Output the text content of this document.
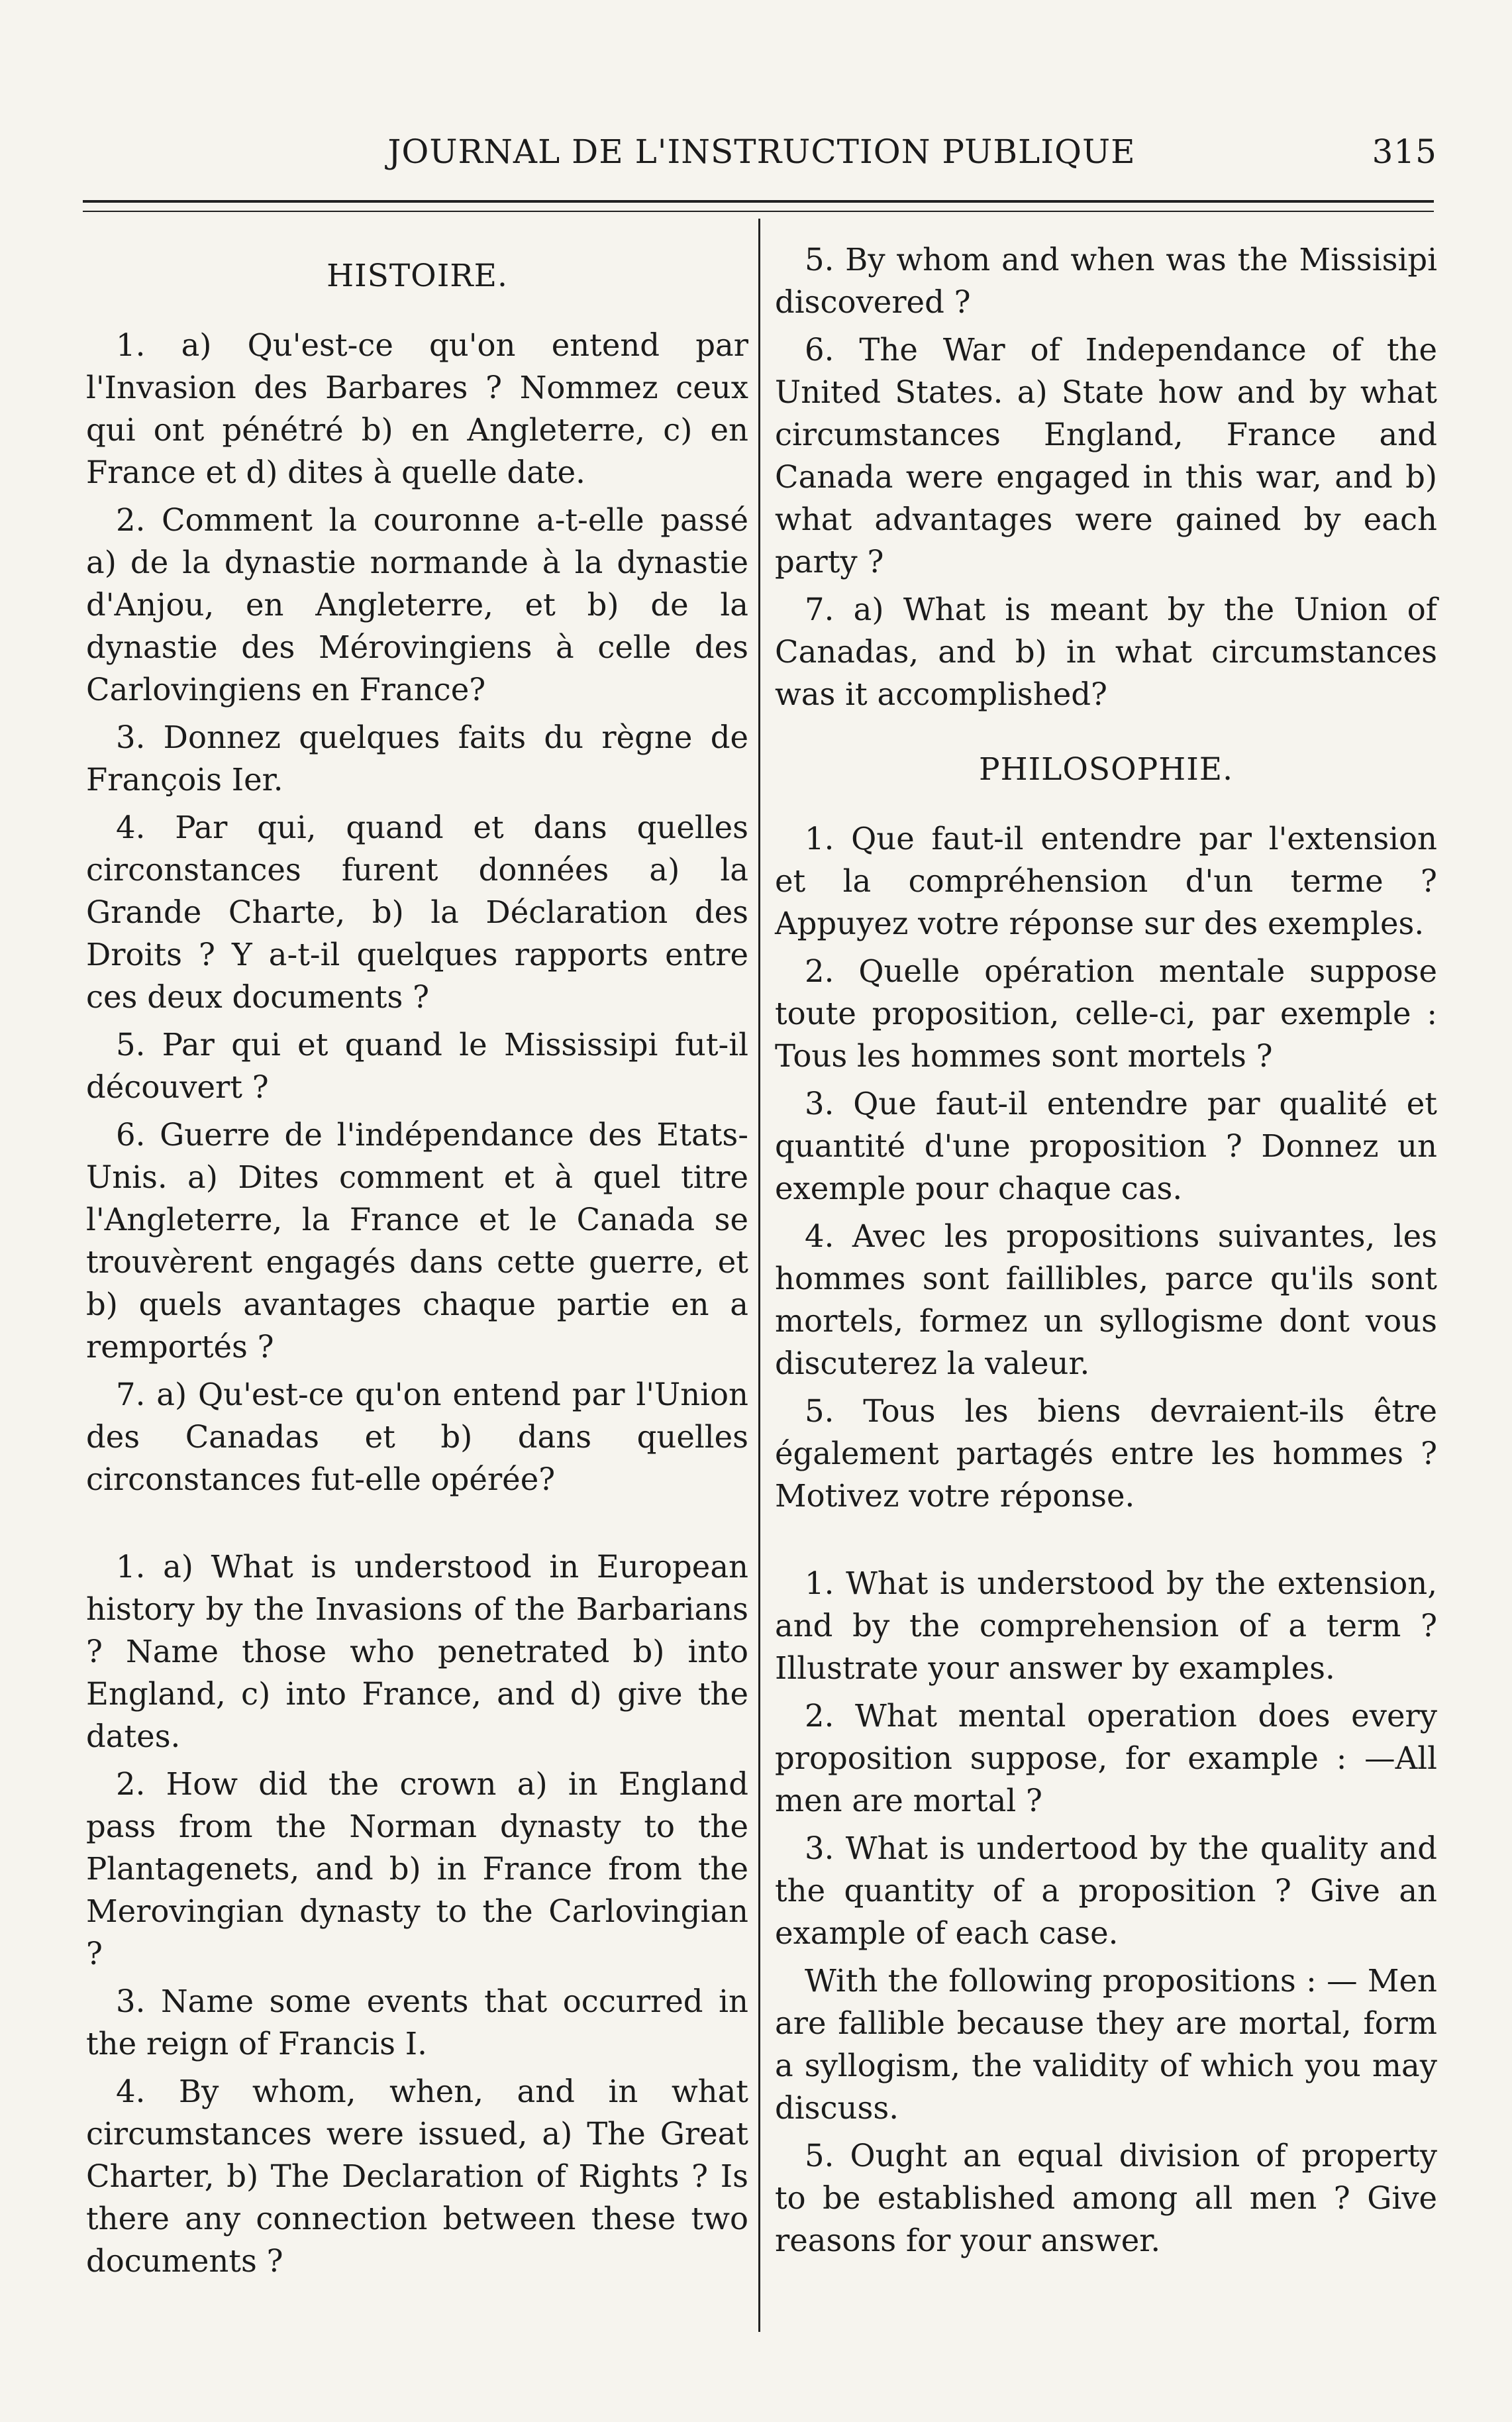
JOURNAL DE L'INSTRUCTION PUBLIQUE	315
HISTOIRE.

1. a) Qu'est-ce qu'on entend par l'Invasion des Barbares ? Nommez ceux qui ont pénétré b) en Angleterre, c) en France et d) dites à quelle date.

2. Comment la couronne a-t-elle passé a) de la dynastie normande à la dynastie d'Anjou, en Angleterre, et b) de la dynastie des Mérovingiens à celle des Carlovingiens en France?

3. Donnez quelques faits du règne de François Ier.

4. Par qui, quand et dans quelles circonstances furent données a) la Grande Charte, b) la Déclaration des Droits ? Y a-t-il quelques rapports entre ces deux documents ?

5. Par qui et quand le Mississipi fut-il découvert ?

6. Guerre de l'indépendance des Etats-Unis. a) Dites comment et à quel titre l'Angleterre, la France et le Canada se trouvèrent engagés dans cette guerre, et b) quels avantages chaque partie en a remportés ?

7. a) Qu'est-ce qu'on entend par l'Union des Canadas et b) dans quelles circonstances fut-elle opérée?

1. a) What is understood in European history by the Invasions of the Barbarians ? Name those who penetrated b) into England, c) into France, and d) give the dates.

2. How did the crown a) in England pass from the Norman dynasty to the Plantagenets, and b) in France from the Merovingian dynasty to the Carlovingian ?

3. Name some events that occurred in the reign of Francis I.

4. By whom, when, and in what circumstances were issued, a) The Great Charter, b) The Declaration of Rights ? Is there any connection between these two documents ?

5. By whom and when was the Missisipi discovered ?

6. The War of Independance of the United States. a) State how and by what circumstances England, France and Canada were engaged in this war, and b) what advantages were gained by each party ?

7. a) What is meant by the Union of Canadas, and b) in what circumstances was it accomplished?

PHILOSOPHIE.

1. Que faut-il entendre par l'extension et la compréhension d'un terme ? Appuyez votre réponse sur des exemples.

2. Quelle opération mentale suppose toute proposition, celle-ci, par exemple : Tous les hommes sont mortels ?

3. Que faut-il entendre par qualité et quantité d'une proposition ? Donnez un exemple pour chaque cas.

4. Avec les propositions suivantes, les hommes sont faillibles, parce qu'ils sont mortels, formez un syllogisme dont vous discuterez la valeur.

5. Tous les biens devraient-ils être également partagés entre les hommes ? Motivez votre réponse.

1. What is understood by the extension, and by the comprehension of a term ? Illustrate your answer by examples.

2. What mental operation does every proposition suppose, for example : —All men are mortal ?

3. What is undertood by the quality and the quantity of a proposition ? Give an example of each case.

With the following propositions : — Men are fallible because they are mortal, form a syllogism, the validity of which you may discuss.

5. Ought an equal division of property to be established among all men ? Give reasons for your answer.
